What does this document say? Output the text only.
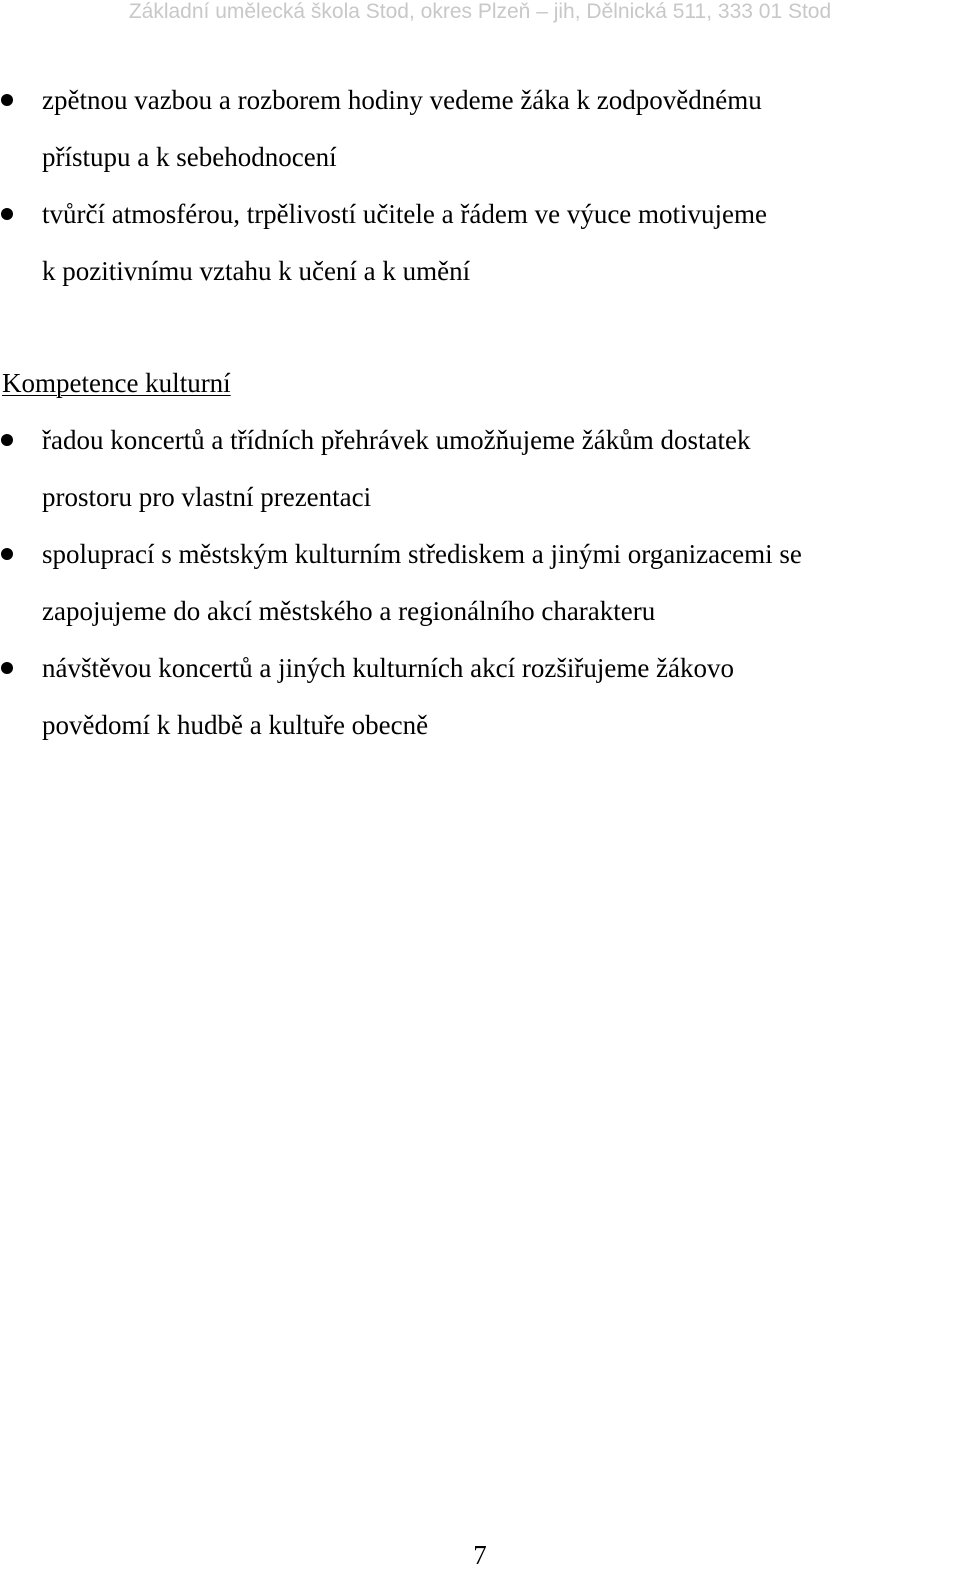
Základní umělecká škola Stod, okres Plzeň – jih, Dělnická 511, 333 01 Stod
zpětnou vazbou a rozborem hodiny vedeme žáka k zodpovědnému
přístupu a k sebehodnocení
tvůrčí atmosférou, trpělivostí učitele a řádem ve výuce motivujeme
k pozitivnímu vztahu k učení a k umění
Kompetence kulturní
řadou koncertů a třídních přehrávek umožňujeme žákům dostatek
prostoru pro vlastní prezentaci
spoluprací s městským kulturním střediskem a jinými organizacemi se
zapojujeme do akcí městského a regionálního charakteru
návštěvou koncertů a jiných kulturních akcí rozšiřujeme žákovo
povědomí k hudbě a kultuře obecně
7
